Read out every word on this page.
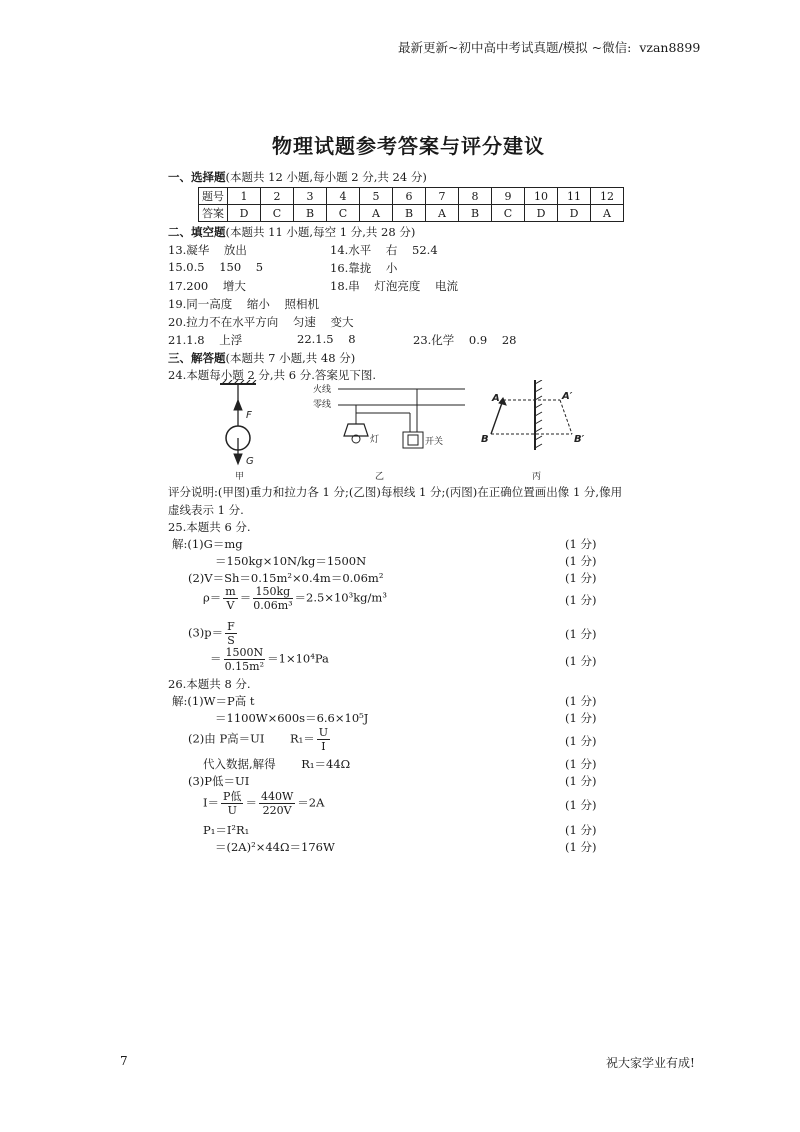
最新更新~初中高中考试真题/模拟 ~微信: vzan8899
物理试题参考答案与评分建议
一、选择题(本题共 12 小题,每小题 2 分,共 24 分)
题号	1	2	3	4	5	6	7	8	9	10	11	12
答案	D	C	B	C	A	B	A	B	C	D	D	A
二、填空题(本题共 11 小题,每空 1 分,共 28 分)
13.凝华    放出	14.水平    右    52.4
15.0.5    150    5	16.靠拢    小
17.200    增大	18.串    灯泡亮度    电流
19.同一高度    缩小    照相机
20.拉力不在水平方向    匀速    变大
21.1.8    上浮	22.1.5    8	23.化学    0.9    28
三、解答题(本题共 7 小题,共 48 分)
24.本题每小题 2 分,共 6 分.答案见下图.
F
G
火线
零线
灯	开关
A	A′
B	B′
甲	乙	丙
评分说明:(甲图)重力和拉力各 1 分;(乙图)每根线 1 分;(丙图)在正确位置画出像 1 分,像用
虚线表示 1 分.
25.本题共 6 分.
解:(1)G＝mg	(1 分)
＝150kg×10N/kg＝1500N	(1 分)
(2)V＝Sh＝0.15m²×0.4m＝0.06m²	(1 分)
$\rho= \frac{m}{V} = \frac{150kg}{\text{0.06m³}} =2.5\times 10^3kg/m^3$	(1 分)
$(3)p= \frac{F}{S}$	(1 分)
＝ $\frac{1500N}{\text{0.15m²}} =1\times 10^4Pa$	(1 分)
26.本题共 8 分.
解:(1)W＝P高 t	(1 分)
＝1100W×600s＝6.6×10⁵J	(1 分)
(2)由 P高＝UI       $R_1= \frac{U}{I}$	(1 分)
代入数据,解得       R₁＝44Ω	(1 分)
(3)P低＝UI	(1 分)
$I= \frac{\text{P低}}{U} = \frac{440W}{220V} =2A$	(1 分)
P₁＝I²R₁	(1 分)
＝(2A)²×44Ω＝176W	(1 分)
7	祝大家学业有成!
